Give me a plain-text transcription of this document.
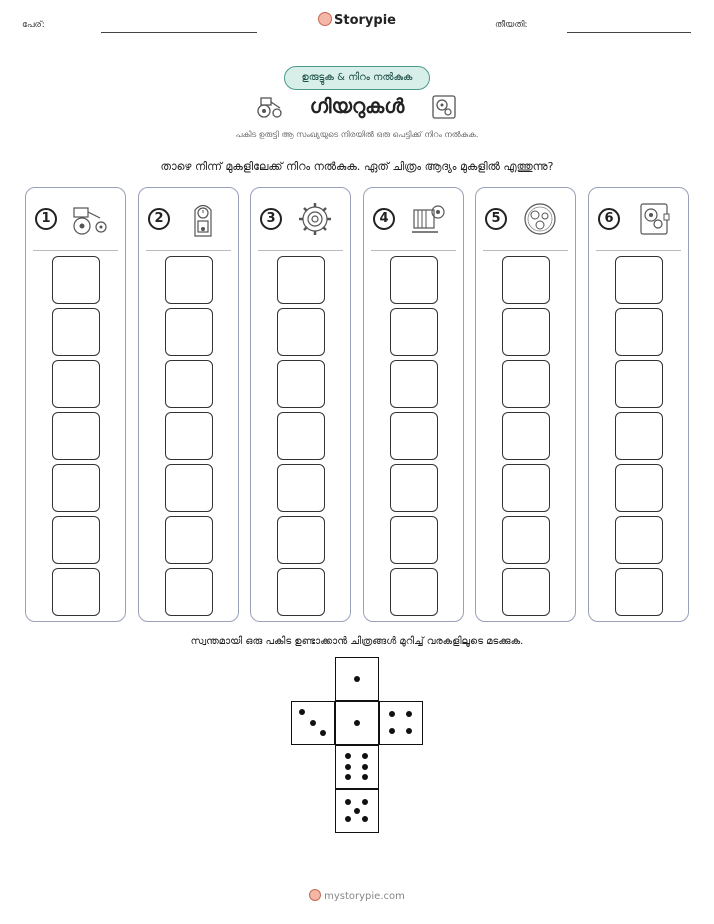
പേര്:	Storypie	തീയതി:
ഉരുട്ടുക & നിറം നൽകുക
ഗിയറുകൾ
പകിട ഉരുട്ടി ആ സംഖ്യയുടെ നിരയിൽ ഒരു പെട്ടിക്ക് നിറം നൽകുക.
താഴെ നിന്ന് മുകളിലേക്ക് നിറം നൽകുക. ഏത് ചിത്രം ആദ്യം മുകളിൽ എത്തുന്നു?
1	2	3	4	5	6
സ്വന്തമായി ഒരു പകിട ഉണ്ടാക്കാൻ ചിത്രങ്ങൾ മുറിച്ച് വരകളിലൂടെ മടക്കുക.
mystorypie.com
